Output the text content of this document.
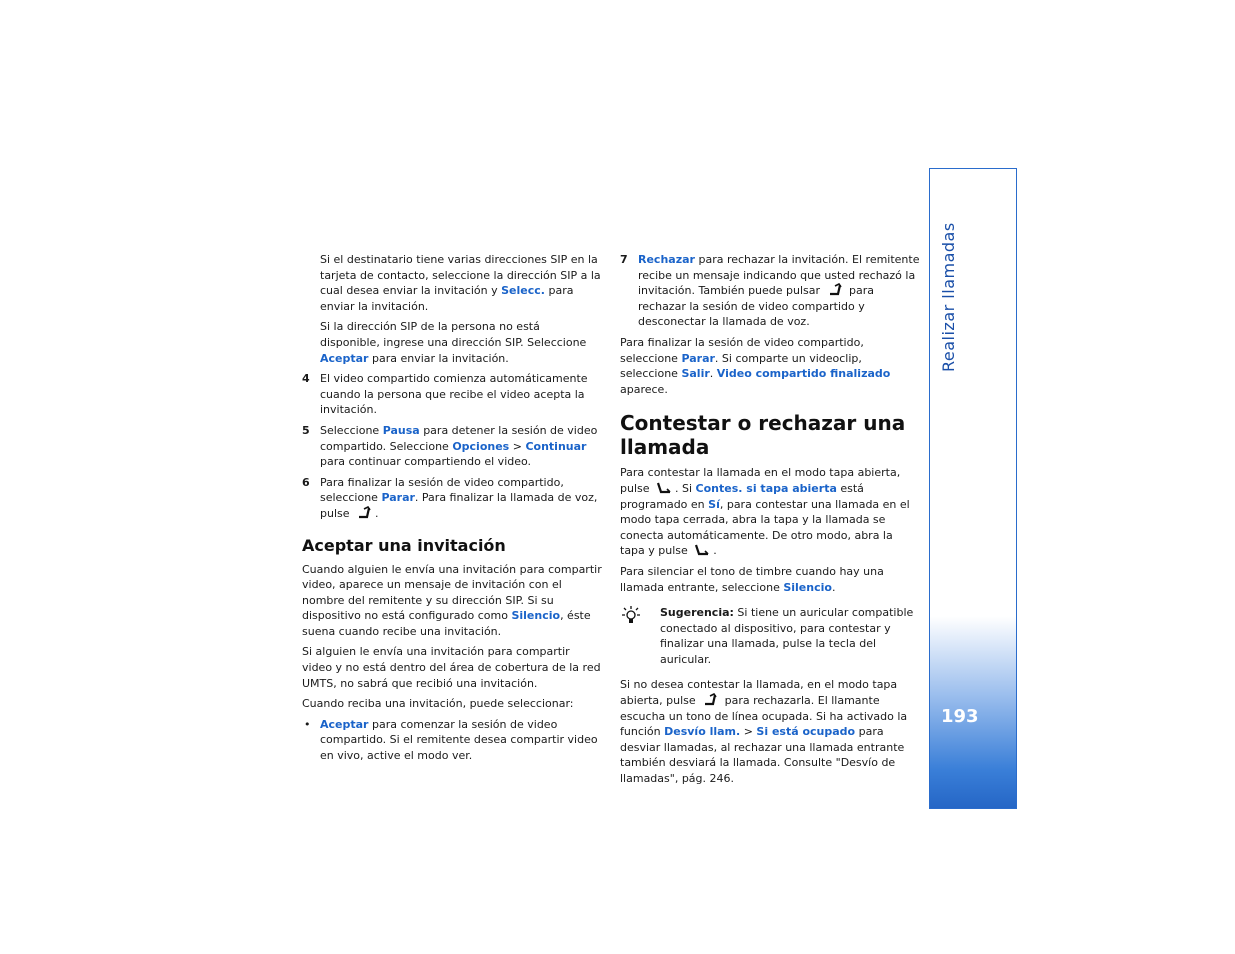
Si el destinatario tiene varias direcciones SIP en la tarjeta de contacto, seleccione la dirección SIP a la cual desea enviar la invitación y Selecc. para enviar la invitación.

Si la dirección SIP de la persona no está disponible, ingrese una dirección SIP. Seleccione Aceptar para enviar la invitación.

4 El video compartido comienza automáticamente cuando la persona que recibe el video acepta la invitación.
5 Seleccione Pausa para detener la sesión de video compartido. Seleccione Opciones > Continuar para continuar compartiendo el video.
6 Para finalizar la sesión de video compartido, seleccione Parar. Para finalizar la llamada de voz, pulse .
Aceptar una invitación

Cuando alguien le envía una invitación para compartir video, aparece un mensaje de invitación con el nombre del remitente y su dirección SIP. Si su dispositivo no está configurado como Silencio, éste suena cuando recibe una invitación.

Si alguien le envía una invitación para compartir video y no está dentro del área de cobertura de la red UMTS, no sabrá que recibió una invitación.

Cuando reciba una invitación, puede seleccionar:

• Aceptar para comenzar la sesión de video compartido. Si el remitente desea compartir video en vivo, active el modo ver.
7 Rechazar para rechazar la invitación. El remitente recibe un mensaje indicando que usted rechazó la invitación. También puede pulsar  para rechazar la sesión de video compartido y desconectar la llamada de voz.

Para finalizar la sesión de video compartido, seleccione Parar. Si comparte un videoclip, seleccione Salir. Video compartido finalizado aparece.

Contestar o rechazar una llamada

Para contestar la llamada en el modo tapa abierta, pulse . Si Contes. si tapa abierta está programado en Sí, para contestar una llamada en el modo tapa cerrada, abra la tapa y la llamada se conecta automáticamente. De otro modo, abra la tapa y pulse .

Para silenciar el tono de timbre cuando hay una llamada entrante, seleccione Silencio.

Sugerencia: Si tiene un auricular compatible conectado al dispositivo, para contestar y finalizar una llamada, pulse la tecla del auricular.

Si no desea contestar la llamada, en el modo tapa abierta, pulse  para rechazarla. El llamante escucha un tono de línea ocupada. Si ha activado la función Desvío llam. > Si está ocupado para desviar llamadas, al rechazar una llamada entrante también desviará la llamada. Consulte "Desvío de llamadas", pág. 246.

193
